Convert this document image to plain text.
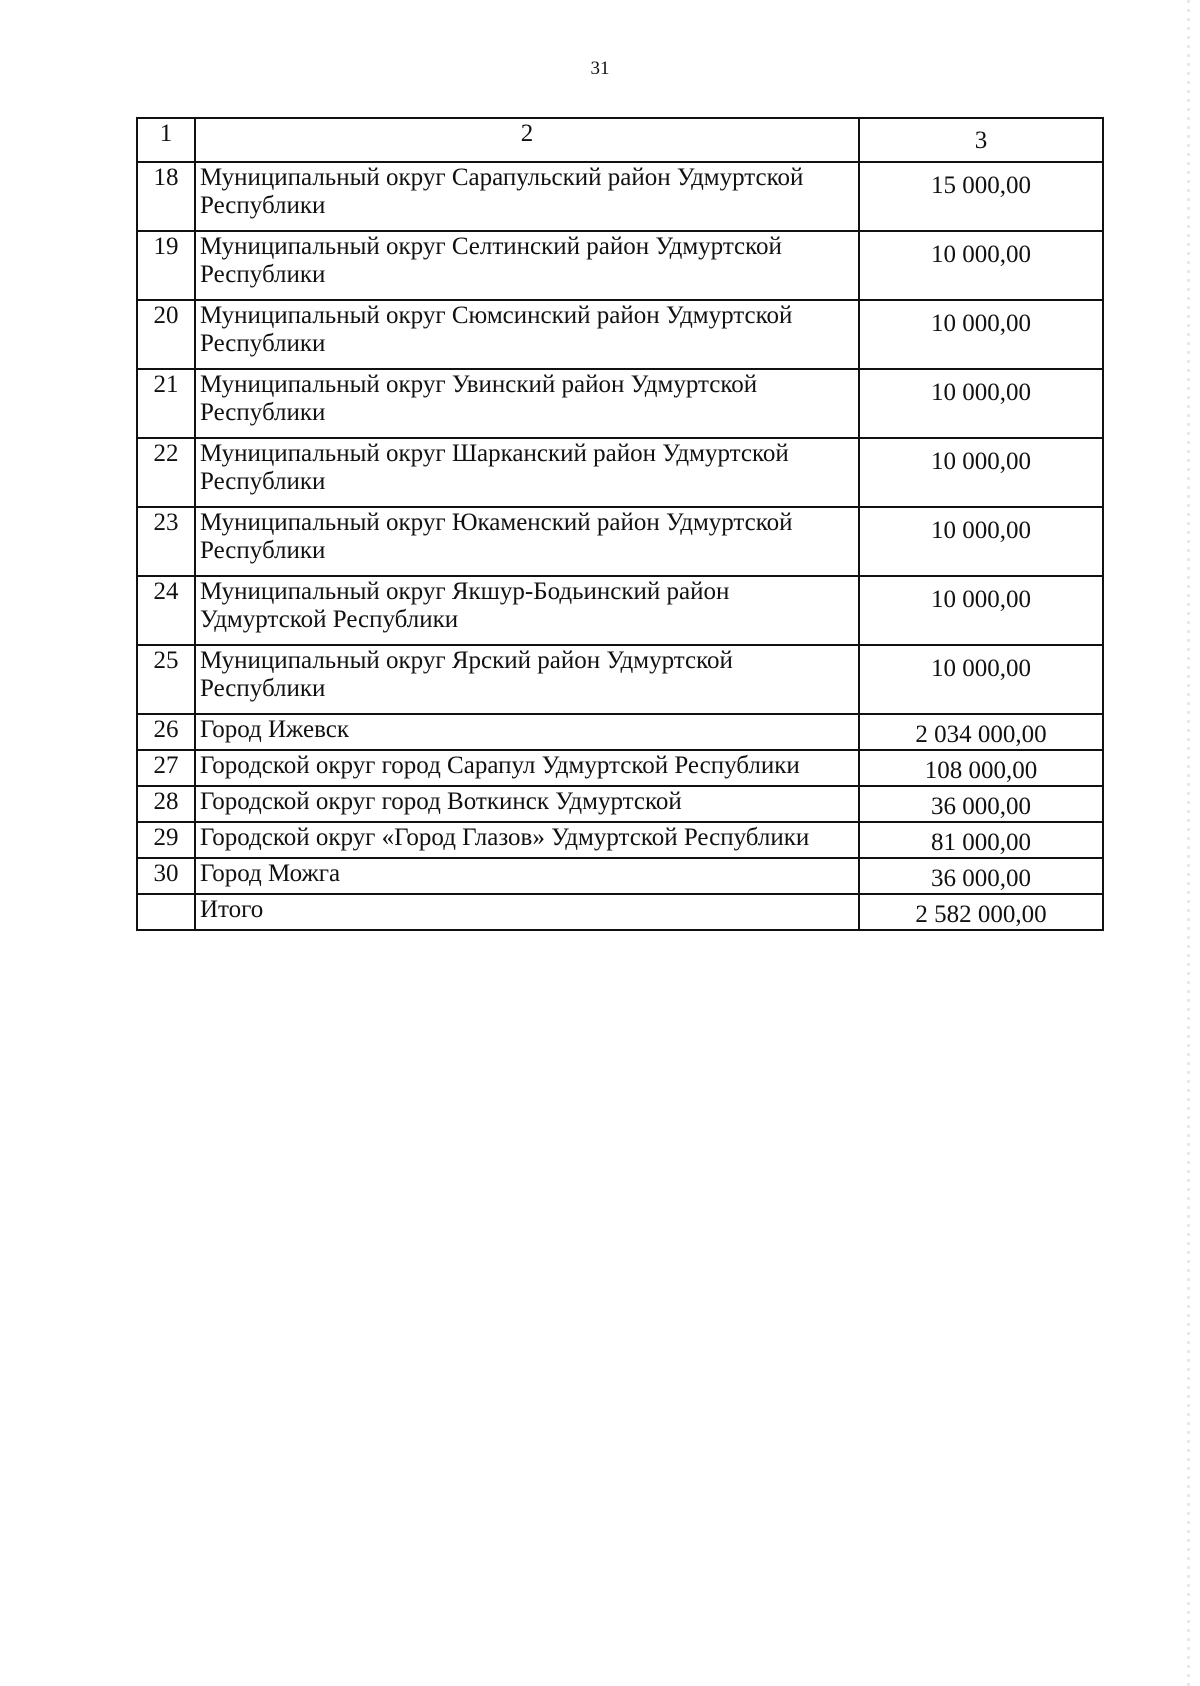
31
1	2	3
18	Муниципальный округ Сарапульский район Удмуртской Республики	15 000,00
19	Муниципальный округ Селтинский район Удмуртской Республики	10 000,00
20	Муниципальный округ Сюмсинский район Удмуртской Республики	10 000,00
21	Муниципальный округ Увинский район Удмуртской Республики	10 000,00
22	Муниципальный округ Шарканский район Удмуртской Республики	10 000,00
23	Муниципальный округ Юкаменский район Удмуртской Республики	10 000,00
24	Муниципальный округ Якшур-Бодьинский район Удмуртской Республики	10 000,00
25	Муниципальный округ Ярский район Удмуртской Республики	10 000,00
26	Город Ижевск	2 034 000,00
27	Городской округ город Сарапул Удмуртской Республики	108 000,00
28	Городской округ город Воткинск Удмуртской	36 000,00
29	Городской округ «Город Глазов» Удмуртской Республики	81 000,00
30	Город Можга	36 000,00
	Итого	2 582 000,00
